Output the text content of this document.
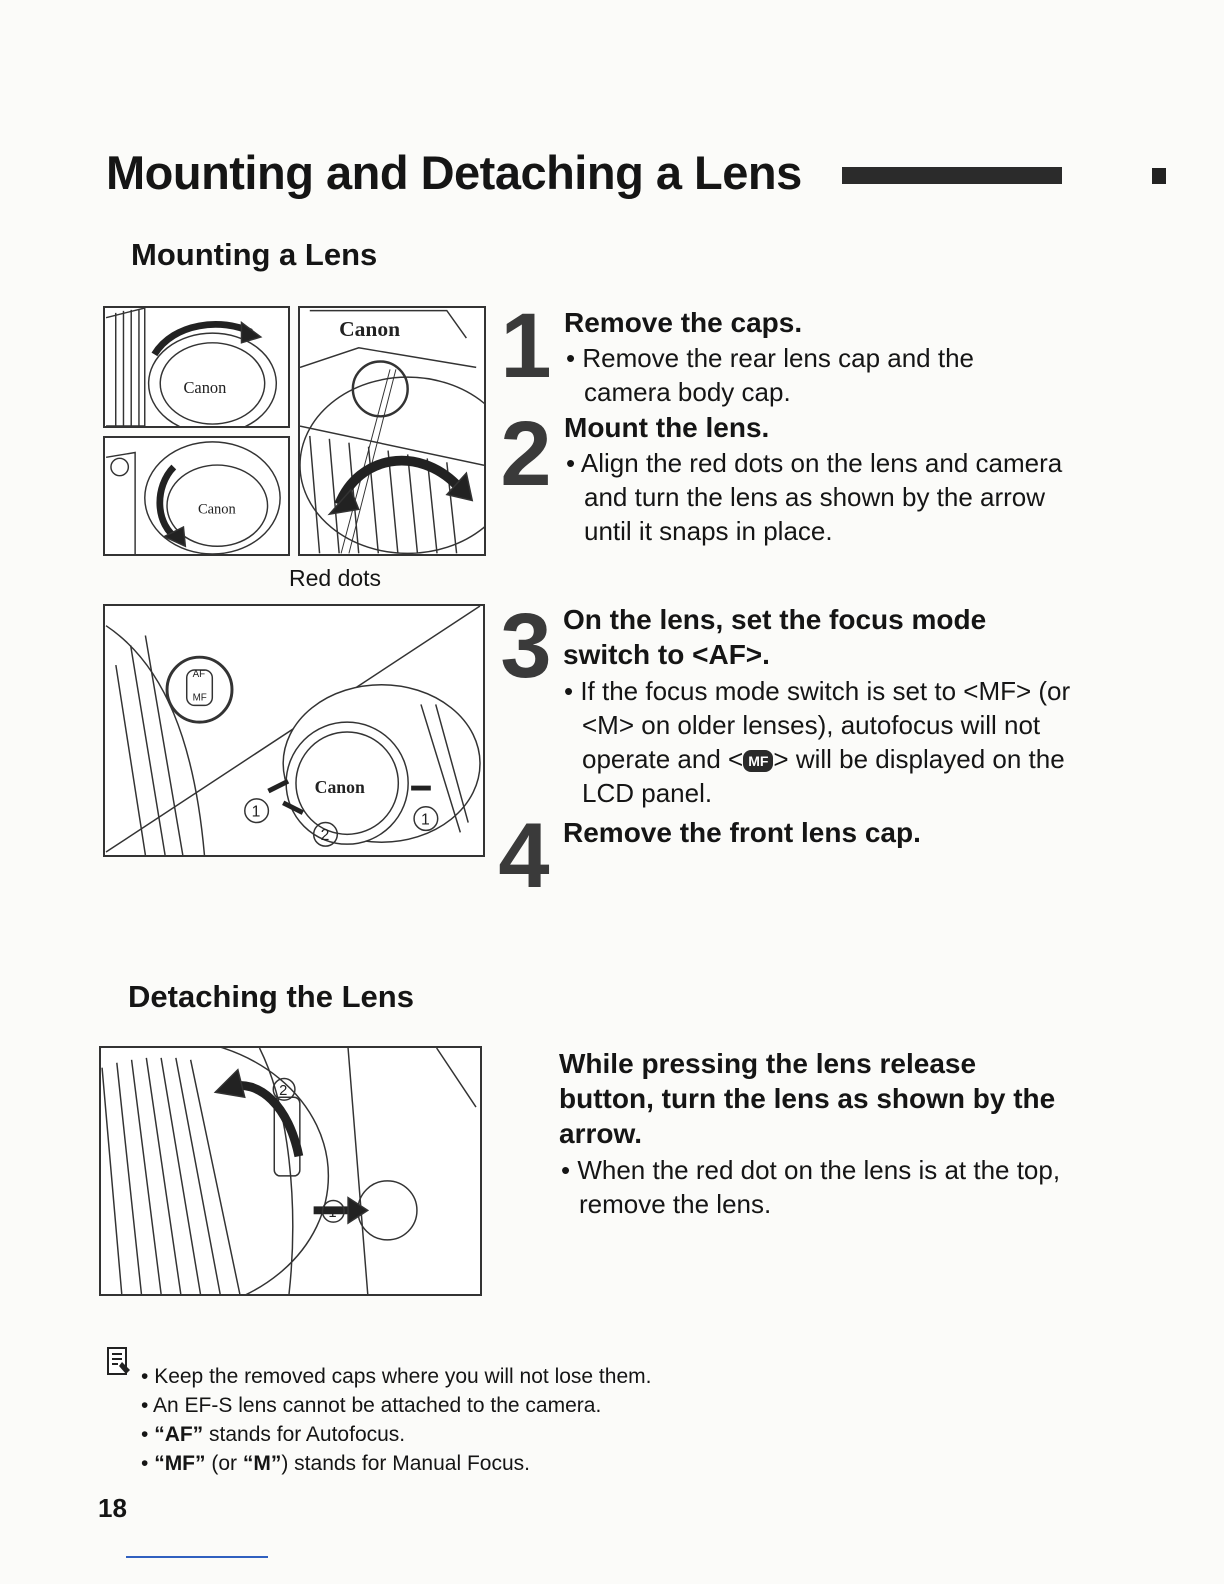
Mounting and Detaching a Lens
Mounting a Lens
Canon
Canon
Canon
Red dots
AF
MF
Canon
1
2
1
1 Remove the caps.
• Remove the rear lens cap and the camera body cap.
2 Mount the lens.
• Align the red dots on the lens and camera and turn the lens as shown by the arrow until it snaps in place.
3 On the lens, set the focus mode switch to <AF>.
• If the focus mode switch is set to <MF> (or <M> on older lenses), autofocus will not operate and < MF > will be displayed on the LCD panel.
4 Remove the front lens cap.
Detaching the Lens
2
1
While pressing the lens release button, turn the lens as shown by the arrow.
• When the red dot on the lens is at the top, remove the lens.
• Keep the removed caps where you will not lose them.
• An EF-S lens cannot be attached to the camera.
• “AF” stands for Autofocus.
• “MF” (or “M”) stands for Manual Focus.
18
